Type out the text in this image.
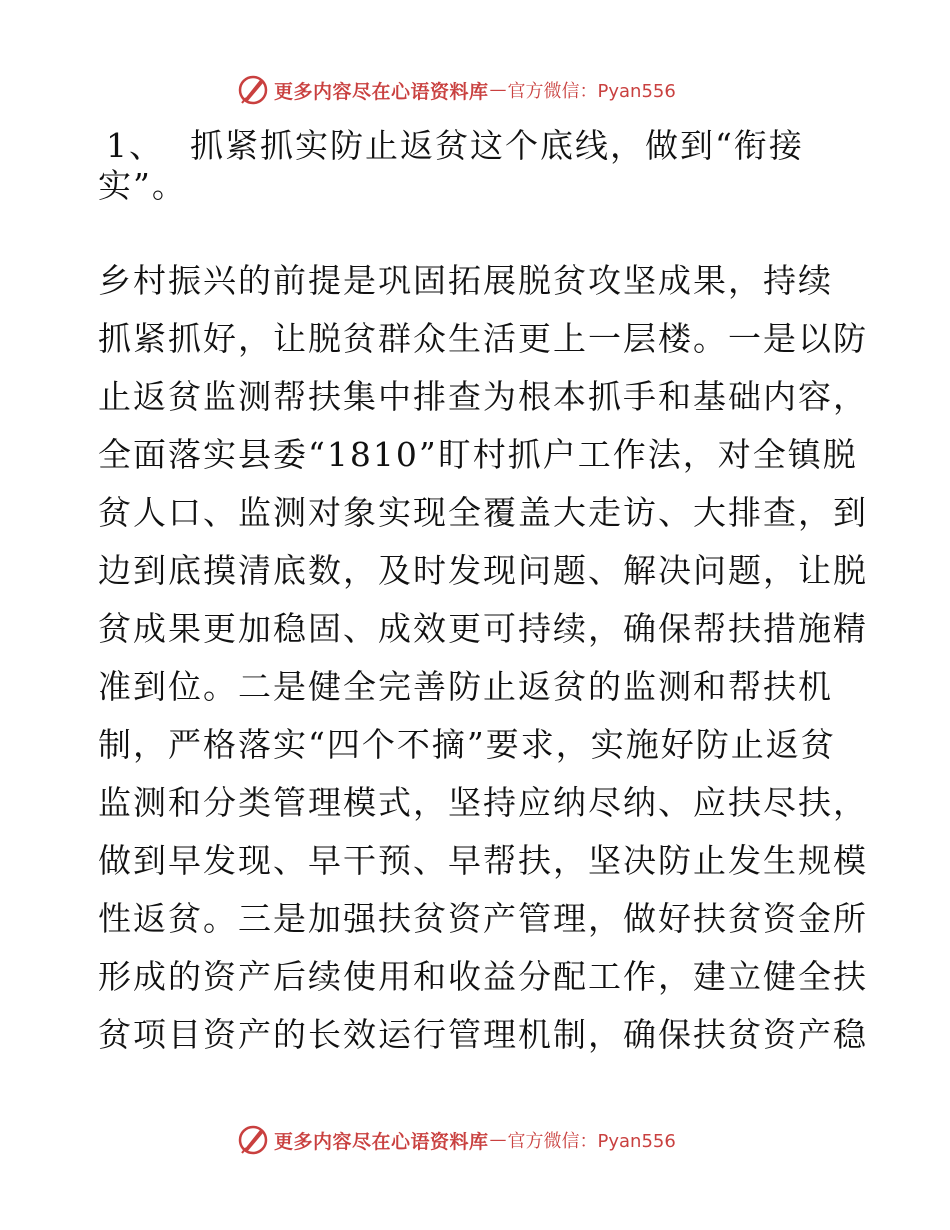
更多内容尽在心语资料库 — 官方微信：Pyan556
1、 抓紧抓实防止返贫这个底线，做到“衔接
实”。
乡村振兴的前提是巩固拓展脱贫攻坚成果，持续
抓紧抓好，让脱贫群众生活更上一层楼。一是以防
止返贫监测帮扶集中排查为根本抓手和基础内容，
全面落实县委“1810”盯村抓户工作法，对全镇脱
贫人口、监测对象实现全覆盖大走访、大排查，到
边到底摸清底数，及时发现问题、解决问题，让脱
贫成果更加稳固、成效更可持续，确保帮扶措施精
准到位。二是健全完善防止返贫的监测和帮扶机
制，严格落实“四个不摘”要求，实施好防止返贫
监测和分类管理模式，坚持应纳尽纳、应扶尽扶，
做到早发现、早干预、早帮扶，坚决防止发生规模
性返贫。三是加强扶贫资产管理，做好扶贫资金所
形成的资产后续使用和收益分配工作，建立健全扶
贫项目资产的长效运行管理机制，确保扶贫资产稳
更多内容尽在心语资料库 — 官方微信：Pyan556
